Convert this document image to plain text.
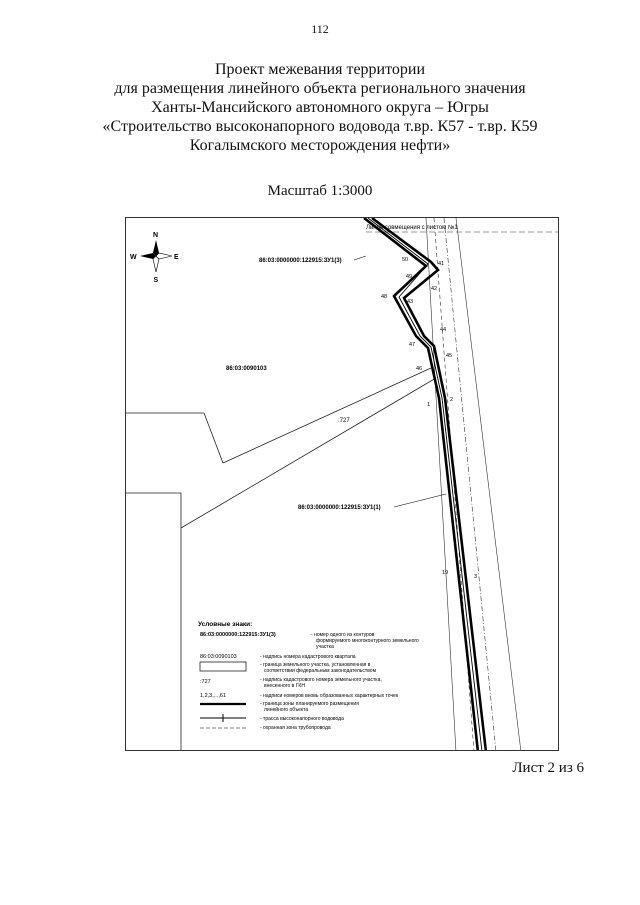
112
Проект межевания территории
для размещения линейного объекта регионального значения
Ханты-Мансийского автономного округа – Югры
«Строительство высоконапорного водовода т.вр. К57 - т.вр. К59
Когалымского месторождения нефти»
Масштаб 1:3000
86:03:0000000:122915:ЗУ1(3)
86:03:0090103
86:03:0000000:122915:ЗУ1(1)
:727
Линия совмещения с листом №1
50
41
49
42
48
43
44
47
45
46
1
2
19
3
N
S
E
W
Условные знаки:
86:03:0000000:122915:ЗУ1(3)	- номер одного из контуров
формируемого многоконтурного земельного
участка
86:03:0090103	- надпись номера кадастрового квартала
- граница земельного участка, установленная в
соответствии федеральным законодательством
:727	- надпись кадастрового номера земельного участка,
внесенного в ГКН
1,2,3,...,61	- надписи номеров вновь образованных характерных точек
- граница зоны планируемого размещения
линейного объекта
- трасса высоконапорного водовода
- охранная зона трубопровода
Лист 2 из 6
